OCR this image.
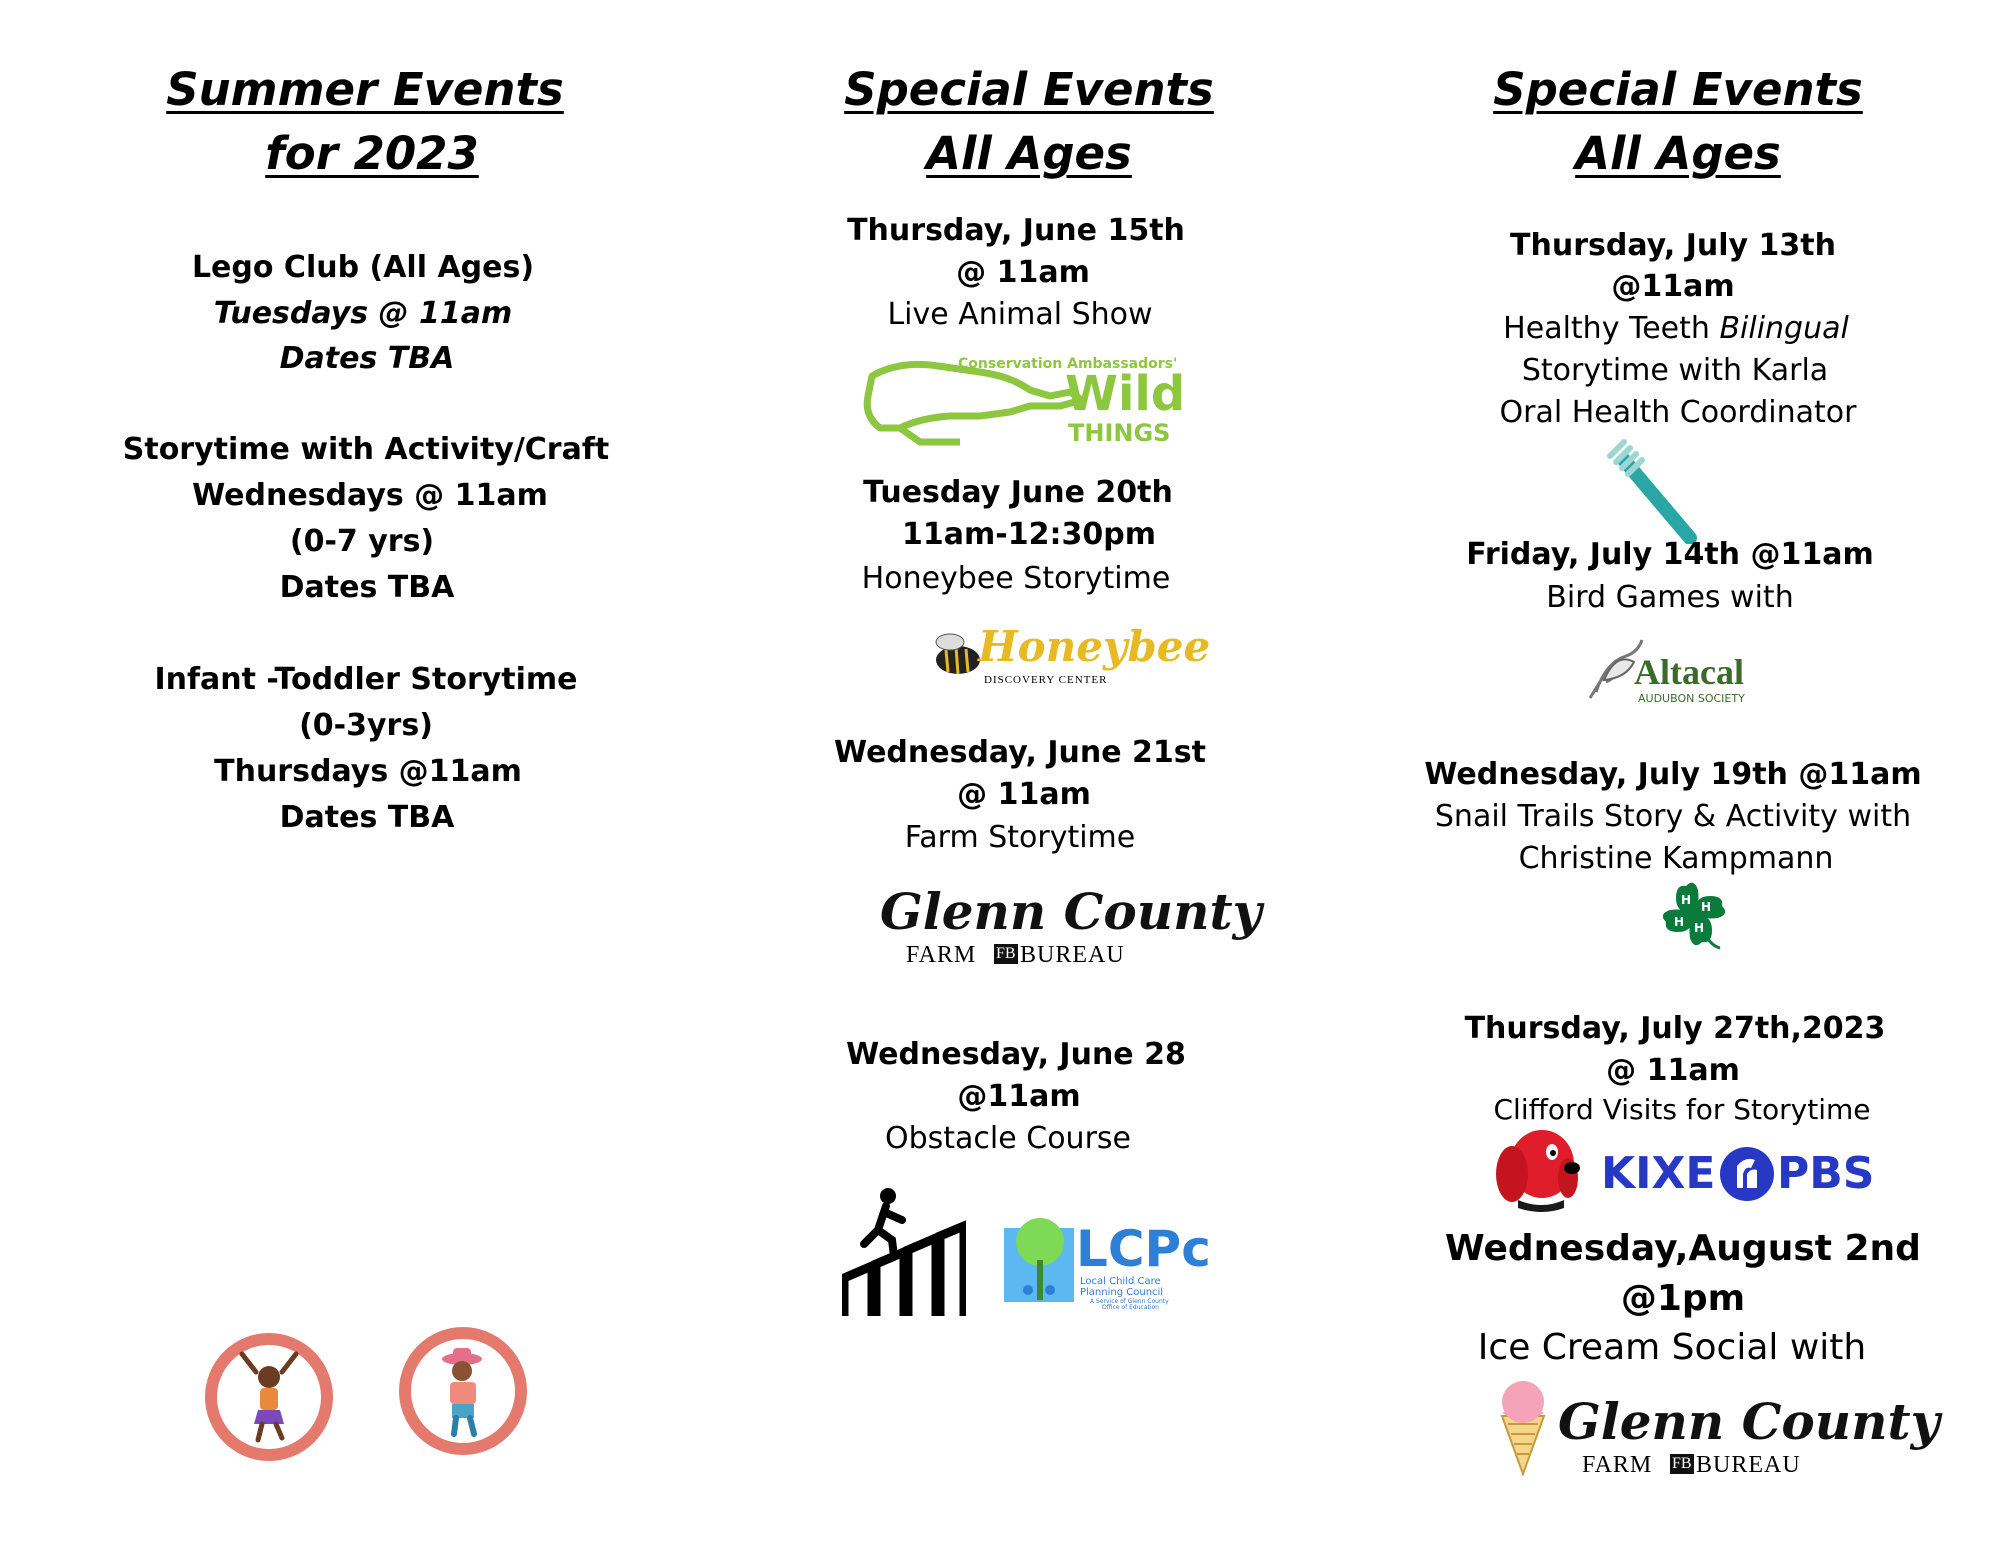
Summer Events
for 2023
Lego Club (All Ages)
Tuesdays @ 11am
Dates TBA
Storytime with Activity/Craft
Wednesdays @ 11am
(0-7 yrs)
Dates TBA
Infant -Toddler Storytime
(0-3yrs)
Thursdays @11am
Dates TBA
Special Events
All Ages
Thursday, June 15th
@ 11am
Live Animal Show
Conservation Ambassadors'
Wild
THINGS
Tuesday June 20th
11am-12:30pm
Honeybee Storytime
Honeybee
DISCOVERY CENTER
Wednesday, June 21st
@ 11am
Farm Storytime
Glenn County
FARM FB BUREAU
Wednesday, June 28
@11am
Obstacle Course
LCPc
Local Child Care
Planning Council
A Service of Glenn County
Office of Education
Special Events
All Ages
Thursday, July 13th
@11am
Healthy Teeth Bilingual
Storytime with Karla
Oral Health Coordinator
Friday, July 14th @11am
Bird Games with
Altacal
AUDUBON SOCIETY
Wednesday, July 19th @11am
Snail Trails Story & Activity with
Christine Kampmann
H H
H
H
Thursday, July 27th,2023
@ 11am
Clifford Visits for Storytime
KIXE PBS
Wednesday,August 2nd
@1pm
Ice Cream Social with
Glenn County
FARM FB BUREAU
